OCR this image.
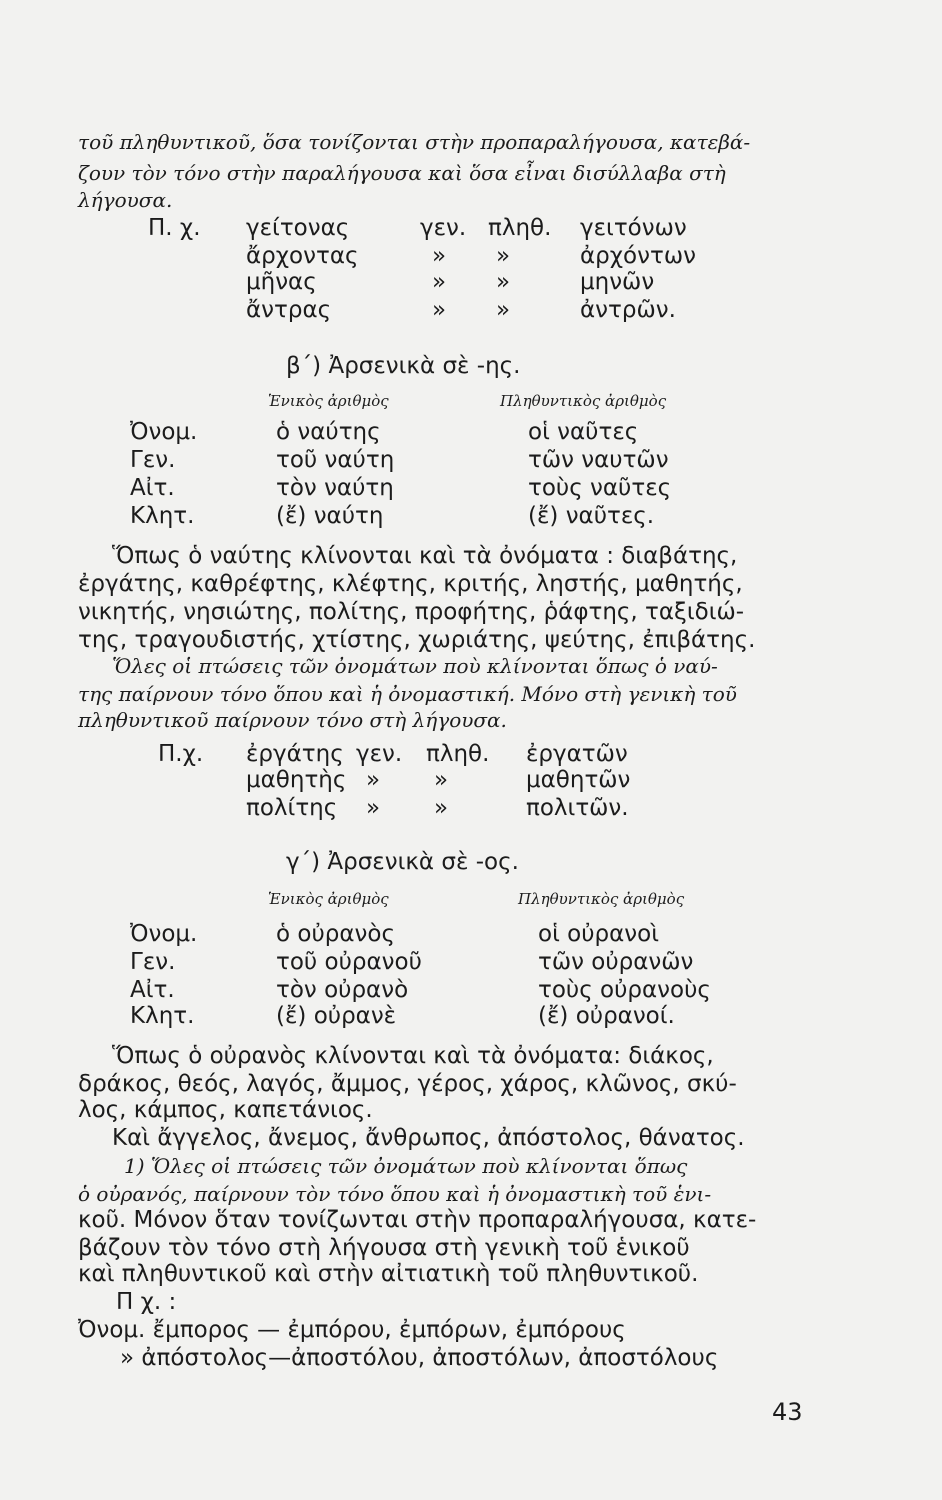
τοῦ πληθυντικοῦ, ὅσα τονίζονται στὴν προπαραλήγουσα, κατεβά-
ζουν τὸν τόνο στὴν παραλήγουσα καὶ ὅσα εἶναι δισύλλαβα στὴ
λήγουσα.
Π. χ. γείτονας	γεν. πληθ. γειτόνων
ἄρχοντας	» »	ἀρχόντων
μῆνας	» »	μηνῶν
ἄντρας	» »	ἀντρῶν.
β΄) Ἀρσενικὰ σὲ -ης.
Ἑνικὸς ἀριθμὸς	Πληθυντικὸς ἀριθμὸς
Ὀνομ.	ὁ ναύτης	οἱ ναῦτες
Γεν.	τοῦ ναύτη	τῶν ναυτῶν
Αἰτ.	τὸν ναύτη	τοὺς ναῦτες
Κλητ.	(ἔ) ναύτη	(ἔ) ναῦτες.
Ὅπως ὁ ναύτης κλίνονται καὶ τὰ ὀνόματα : διαβάτης,
ἐργάτης, καθρέφτης, κλέφτης, κριτής, ληστής, μαθητής,
νικητής, νησιώτης, πολίτης, προφήτης, ῥάφτης, ταξιδιώ-
της, τραγουδιστής, χτίστης, χωριάτης, ψεύτης, ἐπιβάτης.
Ὅλες οἱ πτώσεις τῶν ὀνομάτων ποὺ κλίνονται ὅπως ὁ ναύ-
της παίρνουν τόνο ὅπου καὶ ἡ ὀνομαστική. Μόνο στὴ γενικὴ τοῦ
πληθυντικοῦ παίρνουν τόνο στὴ λήγουσα.
Π.χ. ἐργάτης γεν. πληθ. ἐργατῶν
μαθητὴς » »	μαθητῶν
πολίτης » »	πολιτῶν.
γ΄) Ἀρσενικὰ σὲ -ος.
Ἑνικὸς ἀριθμὸς	Πληθυντικὸς ἀριθμὸς
Ὀνομ.	ὁ οὐρανὸς	οἱ οὐρανοὶ
Γεν.	τοῦ οὐρανοῦ	τῶν οὐρανῶν
Αἰτ.	τὸν οὐρανὸ	τοὺς οὐρανοὺς
Κλητ.	(ἔ) οὐρανὲ	(ἔ) οὐρανοί.
Ὅπως ὁ οὐρανὸς κλίνονται καὶ τὰ ὀνόματα: διάκος,
δράκος, θεός, λαγός, ἄμμος, γέρος, χάρος, κλῶνος, σκύ-
λος, κάμπος, καπετάνιος.
Καὶ ἄγγελος, ἄνεμος, ἄνθρωπος, ἀπόστολος, θάνατος.
1) Ὅλες οἱ πτώσεις τῶν ὀνομάτων ποὺ κλίνονται ὅπως
ὁ οὐρανός, παίρνουν τὸν τόνο ὅπου καὶ ἡ ὀνομαστικὴ τοῦ ἑνι-
κοῦ. Μόνον ὅταν τονίζωνται στὴν προπαραλήγουσα, κατε-
βάζουν τὸν τόνο στὴ λήγουσα στὴ γενικὴ τοῦ ἑνικοῦ
καὶ πληθυντικοῦ καὶ στὴν αἰτιατικὴ τοῦ πληθυντικοῦ.
Π χ. :
Ὀνομ. ἔμπορος — ἐμπόρου, ἐμπόρων, ἐμπόρους
» ἀπόστολος—ἀποστόλου, ἀποστόλων, ἀποστόλους
43
